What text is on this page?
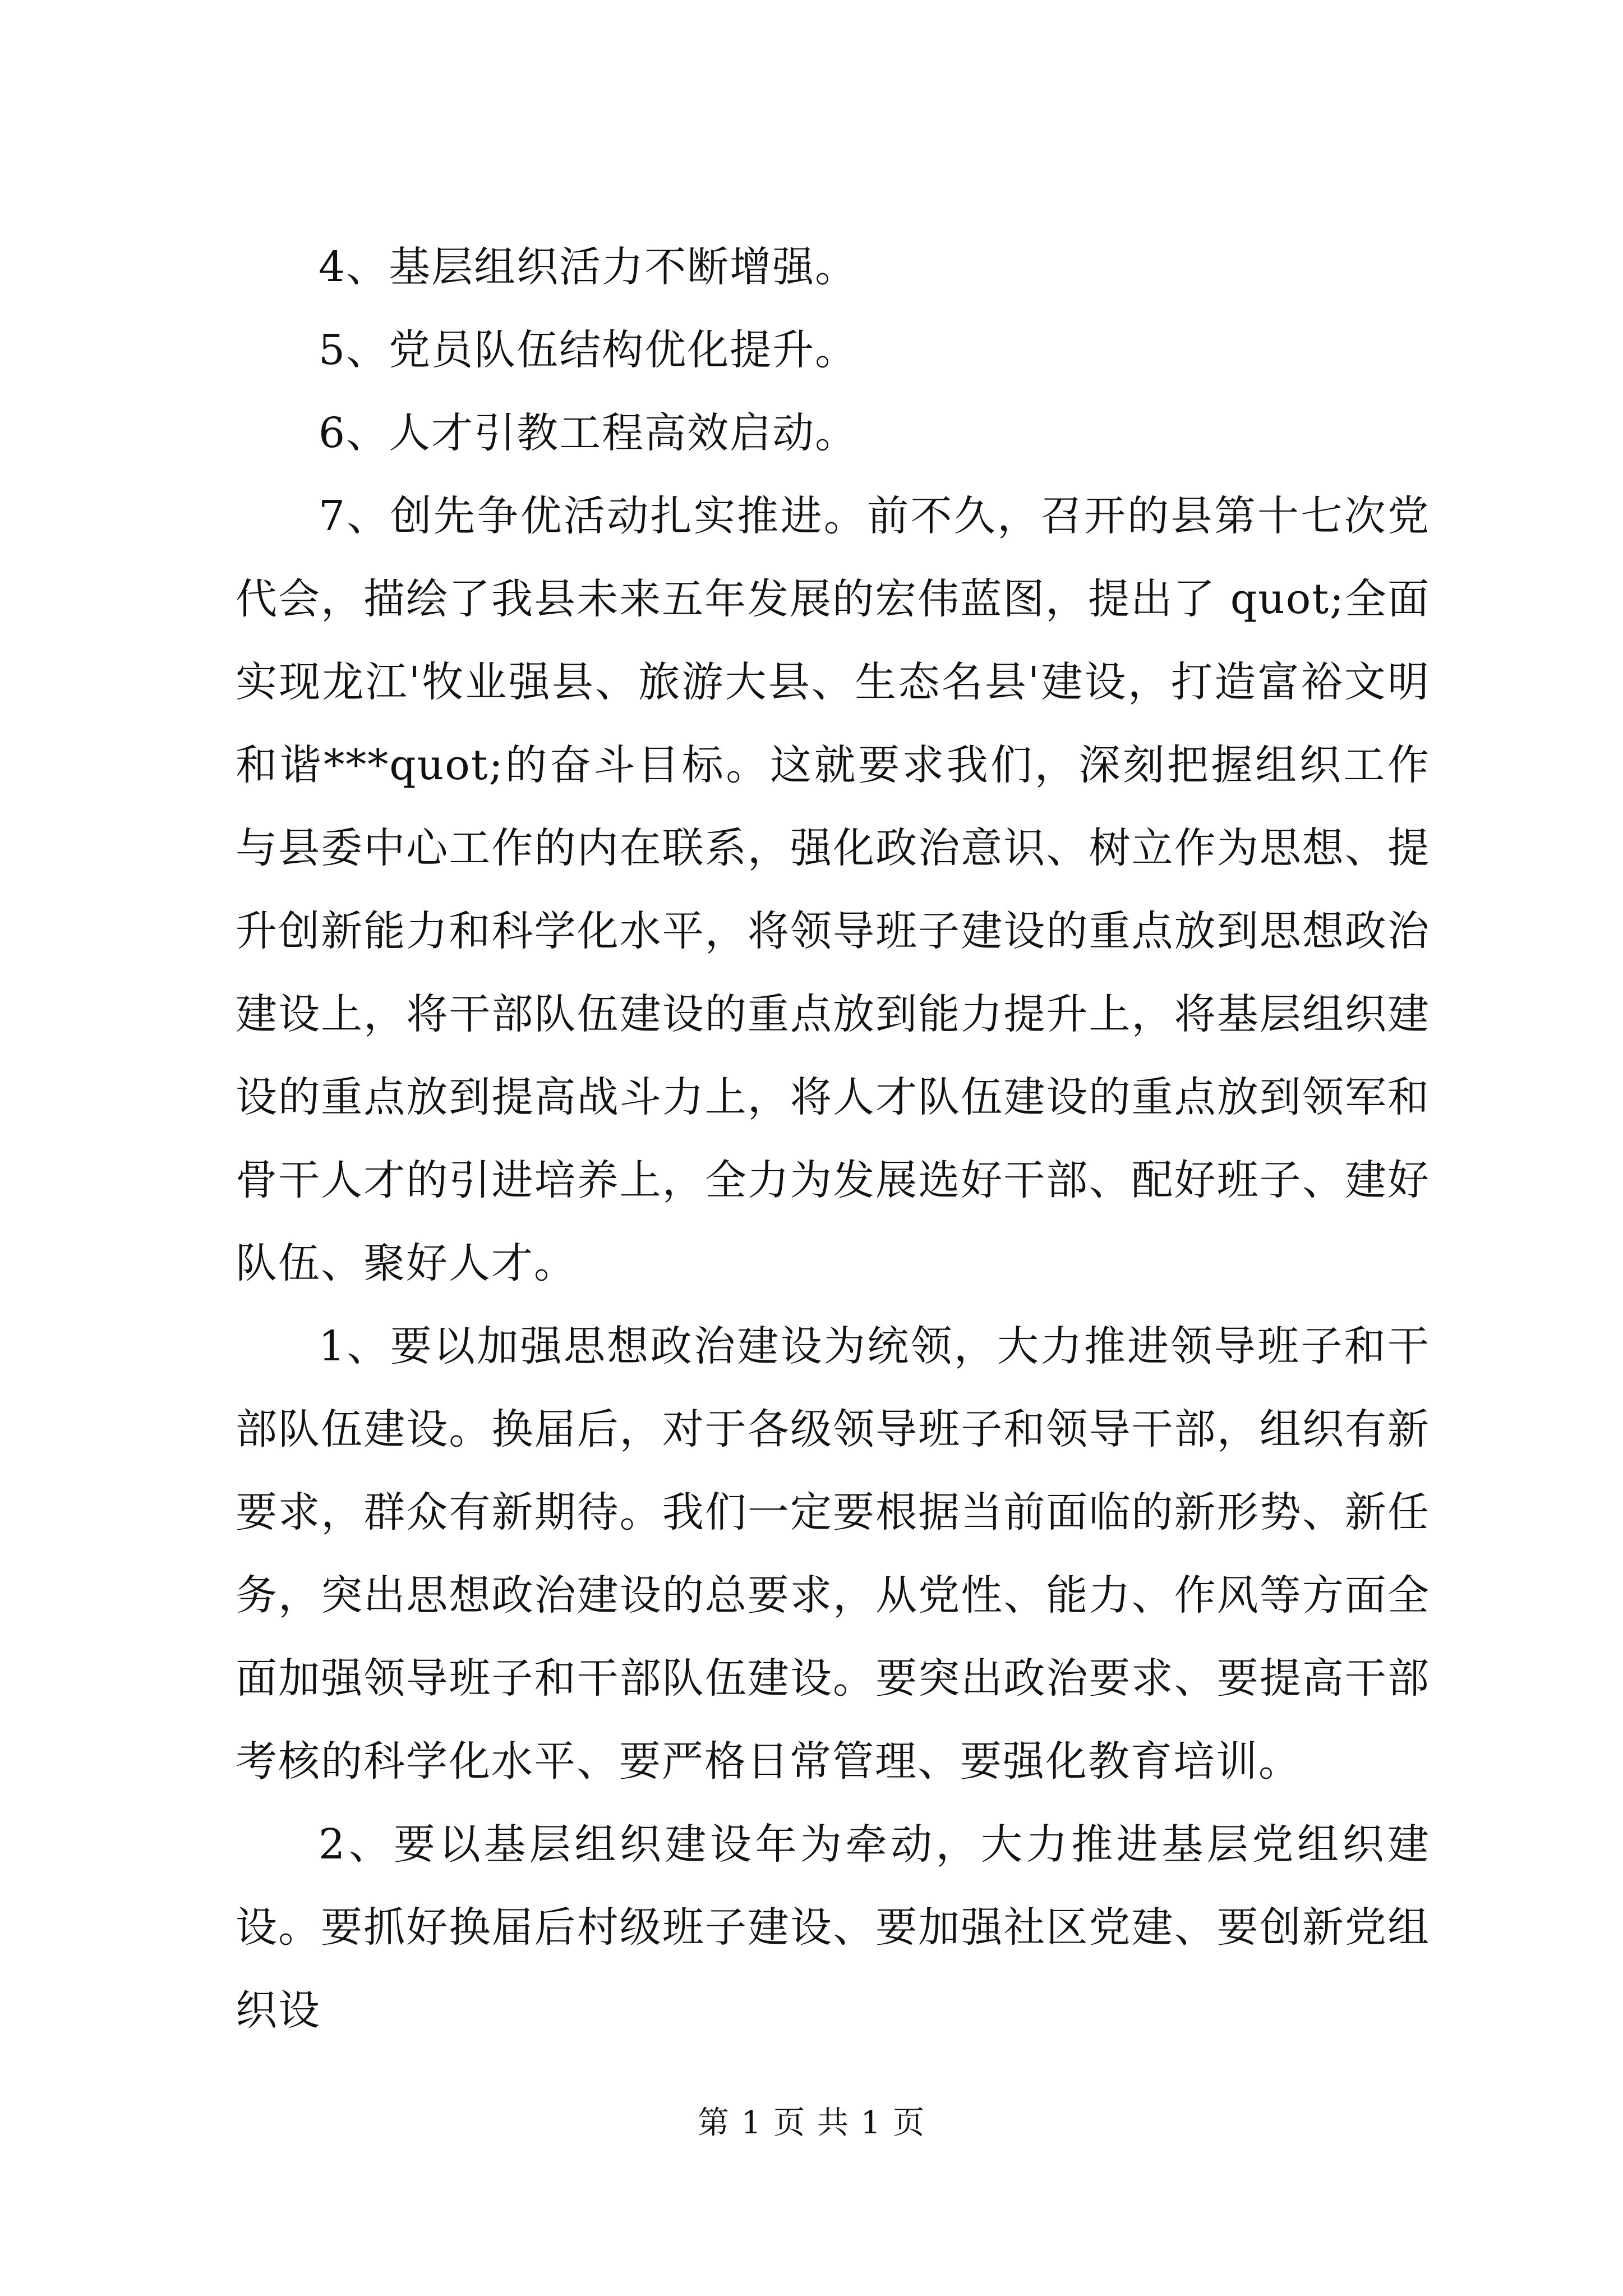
4、基层组织活力不断增强。

5、党员队伍结构优化提升。

6、人才引教工程高效启动。

7、创先争优活动扎实推进。前不久，召开的县第十七次党代会，描绘了我县未来五年发展的宏伟蓝图，提出了 quot;全面实现龙江'牧业强县、旅游大县、生态名县'建设，打造富裕文明和谐***quot;的奋斗目标。这就要求我们，深刻把握组织工作与县委中心工作的内在联系，强化政治意识、树立作为思想、提升创新能力和科学化水平，将领导班子建设的重点放到思想政治建设上，将干部队伍建设的重点放到能力提升上，将基层组织建设的重点放到提高战斗力上，将人才队伍建设的重点放到领军和骨干人才的引进培养上，全力为发展选好干部、配好班子、建好队伍、聚好人才。

1、要以加强思想政治建设为统领，大力推进领导班子和干部队伍建设。换届后，对于各级领导班子和领导干部，组织有新要求，群众有新期待。我们一定要根据当前面临的新形势、新任务，突出思想政治建设的总要求，从党性、能力、作风等方面全面加强领导班子和干部队伍建设。要突出政治要求、要提高干部考核的科学化水平、要严格日常管理、要强化教育培训。

2、要以基层组织建设年为牵动，大力推进基层党组织建设。要抓好换届后村级班子建设、要加强社区党建、要创新党组织设

第 1 页 共 1 页
